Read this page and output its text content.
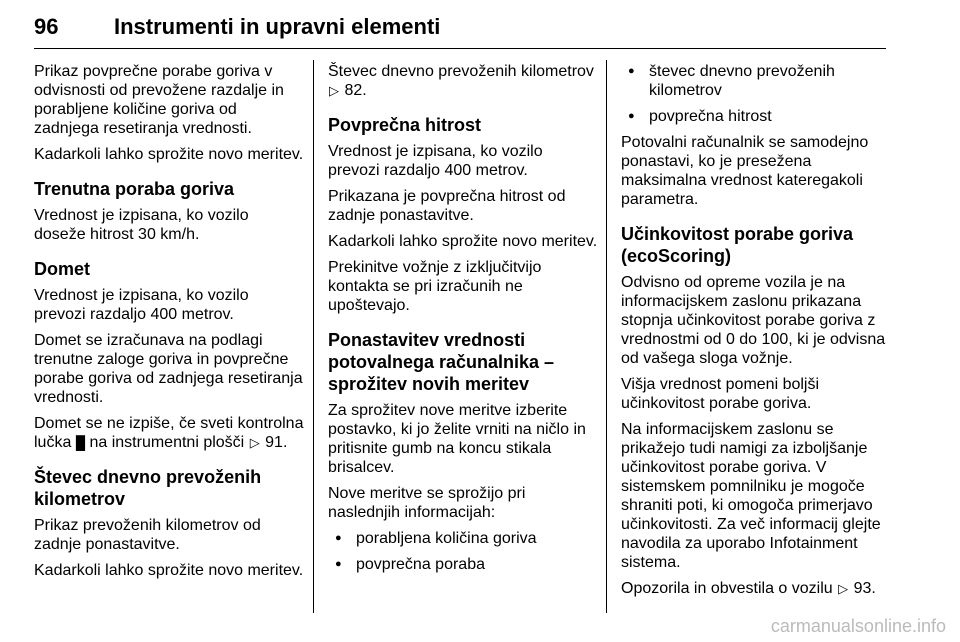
96	Instrumenti in upravni elementi

Prikaz povprečne porabe goriva v odvisnosti od prevožene razdalje in porabljene količine goriva od zadnjega resetiranja vrednosti.

Kadarkoli lahko sprožite novo meritev.

Trenutna poraba goriva

Vrednost je izpisana, ko vozilo doseže hitrost 30 km/h.

Domet

Vrednost je izpisana, ko vozilo prevozi razdaljo 400 metrov.

Domet se izračunava na podlagi trenutne zaloge goriva in povprečne porabe goriva od zadnjega resetiranja vrednosti.

Domet se ne izpiše, če sveti kontrolna lučka █ na instrumentni plošči ▷ 91.

Števec dnevno prevoženih kilometrov

Prikaz prevoženih kilometrov od zadnje ponastavitve.

Kadarkoli lahko sprožite novo meritev.

Števec dnevno prevoženih kilometrov ▷ 82.

Povprečna hitrost

Vrednost je izpisana, ko vozilo prevozi razdaljo 400 metrov.

Prikazana je povprečna hitrost od zadnje ponastavitve.

Kadarkoli lahko sprožite novo meritev.

Prekinitve vožnje z izključitvijo kontakta se pri izračunih ne upoštevajo.

Ponastavitev vrednosti potovalnega računalnika – sprožitev novih meritev

Za sprožitev nove meritve izberite postavko, ki jo želite vrniti na ničlo in pritisnite gumb na koncu stikala brisalcev.

Nove meritve se sprožijo pri naslednjih informacijah:

● porabljena količina goriva
● povprečna poraba
● števec dnevno prevoženih kilometrov
● povprečna hitrost

Potovalni računalnik se samodejno ponastavi, ko je presežena maksimalna vrednost kateregakoli parametra.

Učinkovitost porabe goriva (ecoScoring)

Odvisno od opreme vozila je na informacijskem zaslonu prikazana stopnja učinkovitost porabe goriva z vrednostmi od 0 do 100, ki je odvisna od vašega sloga vožnje.

Višja vrednost pomeni boljši učinkovitost porabe goriva.

Na informacijskem zaslonu se prikažejo tudi namigi za izboljšanje učinkovitost porabe goriva. V sistemskem pomnilniku je mogoče shraniti poti, ki omogoča primerjavo učinkovitosti. Za več informacij glejte navodila za uporabo Infotainment sistema.

Opozorila in obvestila o vozilu ▷ 93.

carmanualsonline.info
